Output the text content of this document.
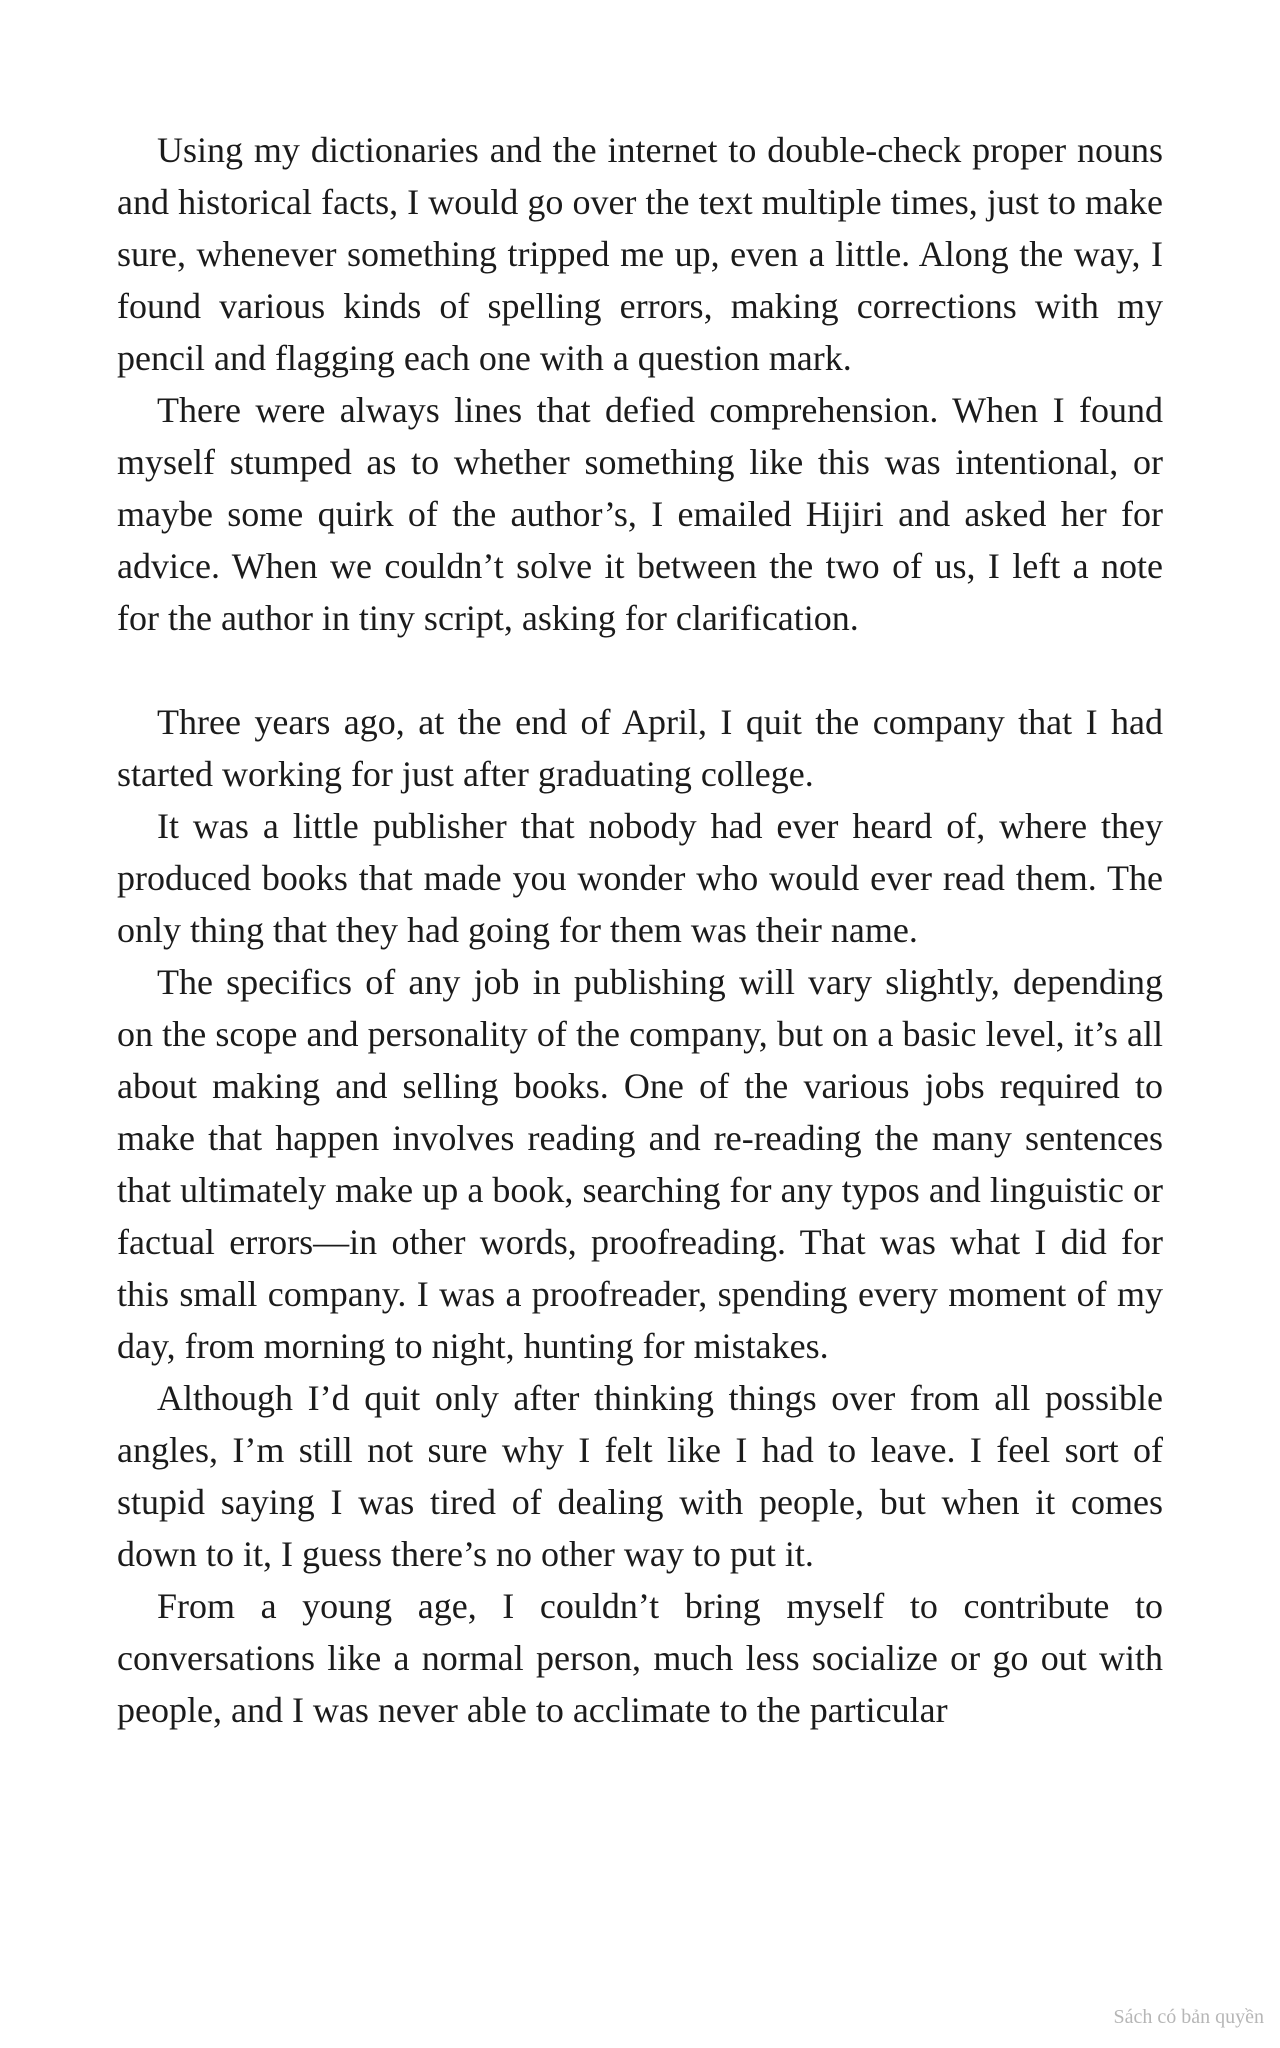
Using my dictionaries and the internet to double-check proper nouns and historical facts, I would go over the text multiple times, just to make sure, whenever something tripped me up, even a little. Along the way, I found various kinds of spelling errors, making corrections with my pencil and flagging each one with a question mark.

There were always lines that defied comprehension. When I found myself stumped as to whether something like this was intentional, or maybe some quirk of the author’s, I emailed Hijiri and asked her for advice. When we couldn’t solve it between the two of us, I left a note for the author in tiny script, asking for clarification.

Three years ago, at the end of April, I quit the company that I had started working for just after graduating college.

It was a little publisher that nobody had ever heard of, where they produced books that made you wonder who would ever read them. The only thing that they had going for them was their name.

The specifics of any job in publishing will vary slightly, depending on the scope and personality of the company, but on a basic level, it’s all about making and selling books. One of the various jobs required to make that happen involves reading and re-reading the many sentences that ultimately make up a book, searching for any typos and linguistic or factual errors—in other words, proofreading. That was what I did for this small company. I was a proofreader, spending every moment of my day, from morning to night, hunting for mistakes.

Although I’d quit only after thinking things over from all possible angles, I’m still not sure why I felt like I had to leave. I feel sort of stupid saying I was tired of dealing with people, but when it comes down to it, I guess there’s no other way to put it.

From a young age, I couldn’t bring myself to contribute to conversations like a normal person, much less socialize or go out with people, and I was never able to acclimate to the particular

Sách có bản quyền
